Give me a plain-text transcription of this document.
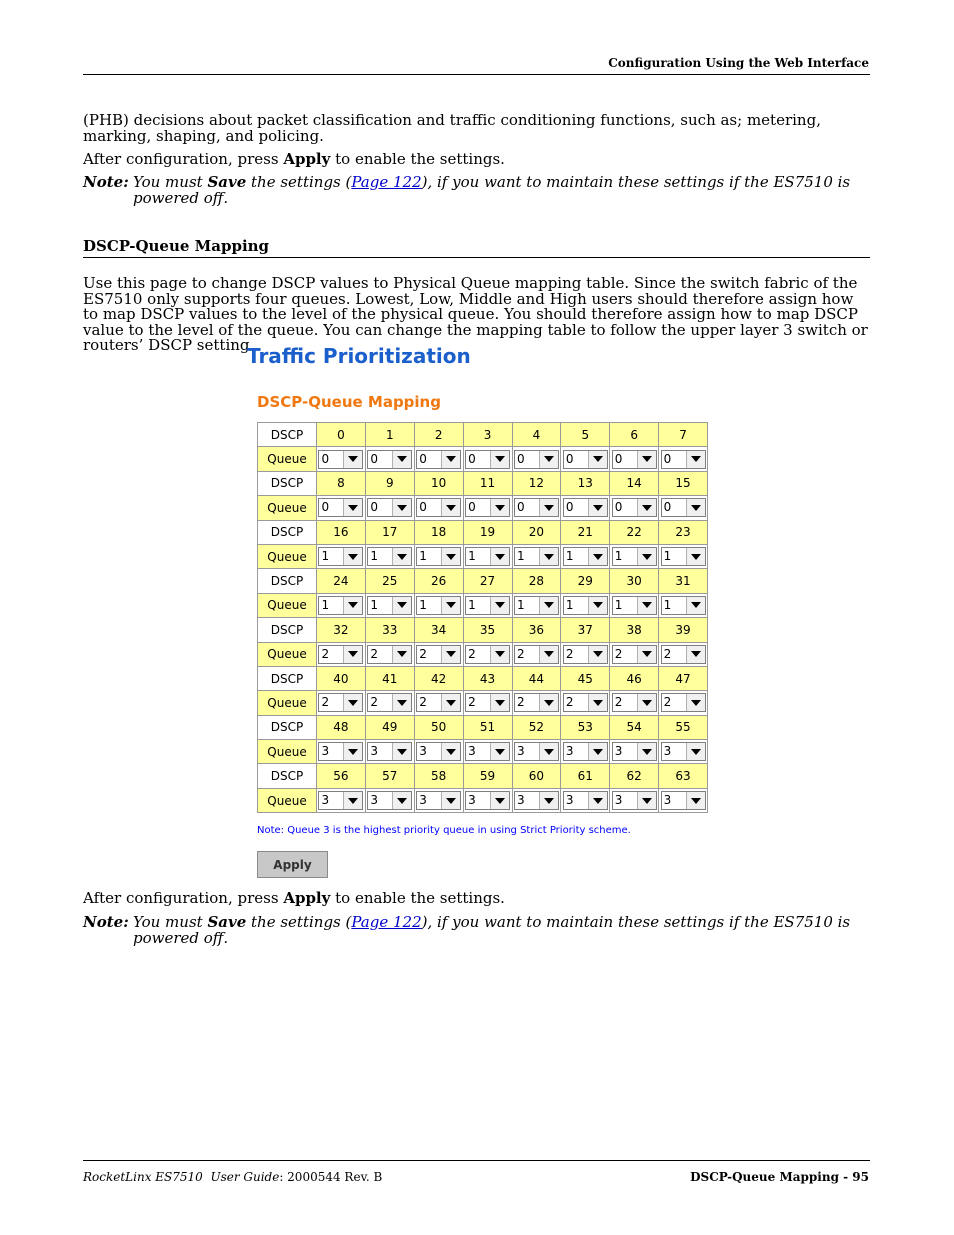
Configuration Using the Web Interface
(PHB) decisions about packet classification and traffic conditioning functions, such as; metering, marking, shaping, and policing.
After configuration, press Apply to enable the settings.
Note: You must Save the settings (Page 122), if you want to maintain these settings if the ES7510 is powered off.
DSCP-Queue Mapping
Use this page to change DSCP values to Physical Queue mapping table. Since the switch fabric of the ES7510 only supports four queues. Lowest, Low, Middle and High users should therefore assign how to map DSCP values to the level of the physical queue. You should therefore assign how to map DSCP value to the level of the queue. You can change the mapping table to follow the upper layer 3 switch or routers’ DSCP setting.
Traffic Prioritization
DSCP-Queue Mapping
DSCP	0	1	2	3	4	5	6	7
Queue	0	0	0	0	0	0	0	0

DSCP	8	9	10	11	12	13	14	15
Queue	0	0	0	0	0	0	0	0

DSCP	16	17	18	19	20	21	22	23
Queue	1	1	1	1	1	1	1	1

DSCP	24	25	26	27	28	29	30	31
Queue	1	1	1	1	1	1	1	1

DSCP	32	33	34	35	36	37	38	39
Queue	2	2	2	2	2	2	2	2

DSCP	40	41	42	43	44	45	46	47
Queue	2	2	2	2	2	2	2	2

DSCP	48	49	50	51	52	53	54	55
Queue	3	3	3	3	3	3	3	3

DSCP	56	57	58	59	60	61	62	63
Queue	3	3	3	3	3	3	3	3
Note: Queue 3 is the highest priority queue in using Strict Priority scheme.
Apply
After configuration, press Apply to enable the settings.
Note: You must Save the settings (Page 122), if you want to maintain these settings if the ES7510 is powered off.
RocketLinx ES7510 User Guide: 2000544 Rev. B	DSCP-Queue Mapping - 95
